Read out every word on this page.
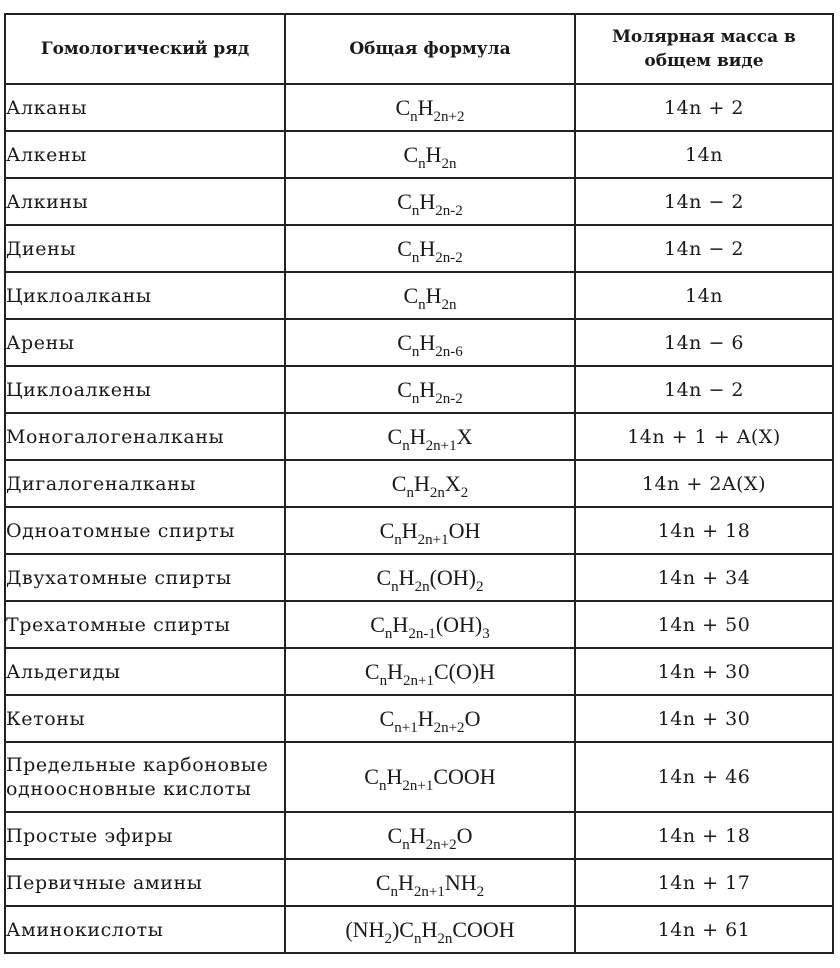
Гомологический ряд	Общая формула	Молярная масса в общем виде
Алканы	$C_nH_{2n+2}$	14n + 2
Алкены	$C_nH_{2n}$	14n
Алкины	$C_nH_{2n-2}$	14n − 2
Диены	$C_nH_{2n-2}$	14n − 2
Циклоалканы	$C_nH_{2n}$	14n
Арены	$C_nH_{2n-6}$	14n − 6
Циклоалкены	$C_nH_{2n-2}$	14n − 2
Моногалогеналканы	$C_nH_{2n+1}X$	14n + 1 + A(X)
Дигалогеналканы	$C_nH_{2n}X_2$	14n + 2A(X)
Одноатомные спирты	$C_nH_{2n+1}OH$	14n + 18
Двухатомные спирты	$C_nH_{2n}(OH)_2$	14n + 34
Трехатомные спирты	$C_nH_{2n-1}(OH)_3$	14n + 50
Альдегиды	$C_nH_{2n+1}C(O)H$	14n + 30
Кетоны	$C_{n+1}H_{2n+2}O$	14n + 30
Предельные карбоновые одноосновные кислоты	$C_nH_{2n+1}COOH$	14n + 46
Простые эфиры	$C_nH_{2n+2}O$	14n + 18
Первичные амины	$C_nH_{2n+1}NH_2$	14n + 17
Аминокислоты	$(NH_2)C_nH_{2n}COOH$	14n + 61
